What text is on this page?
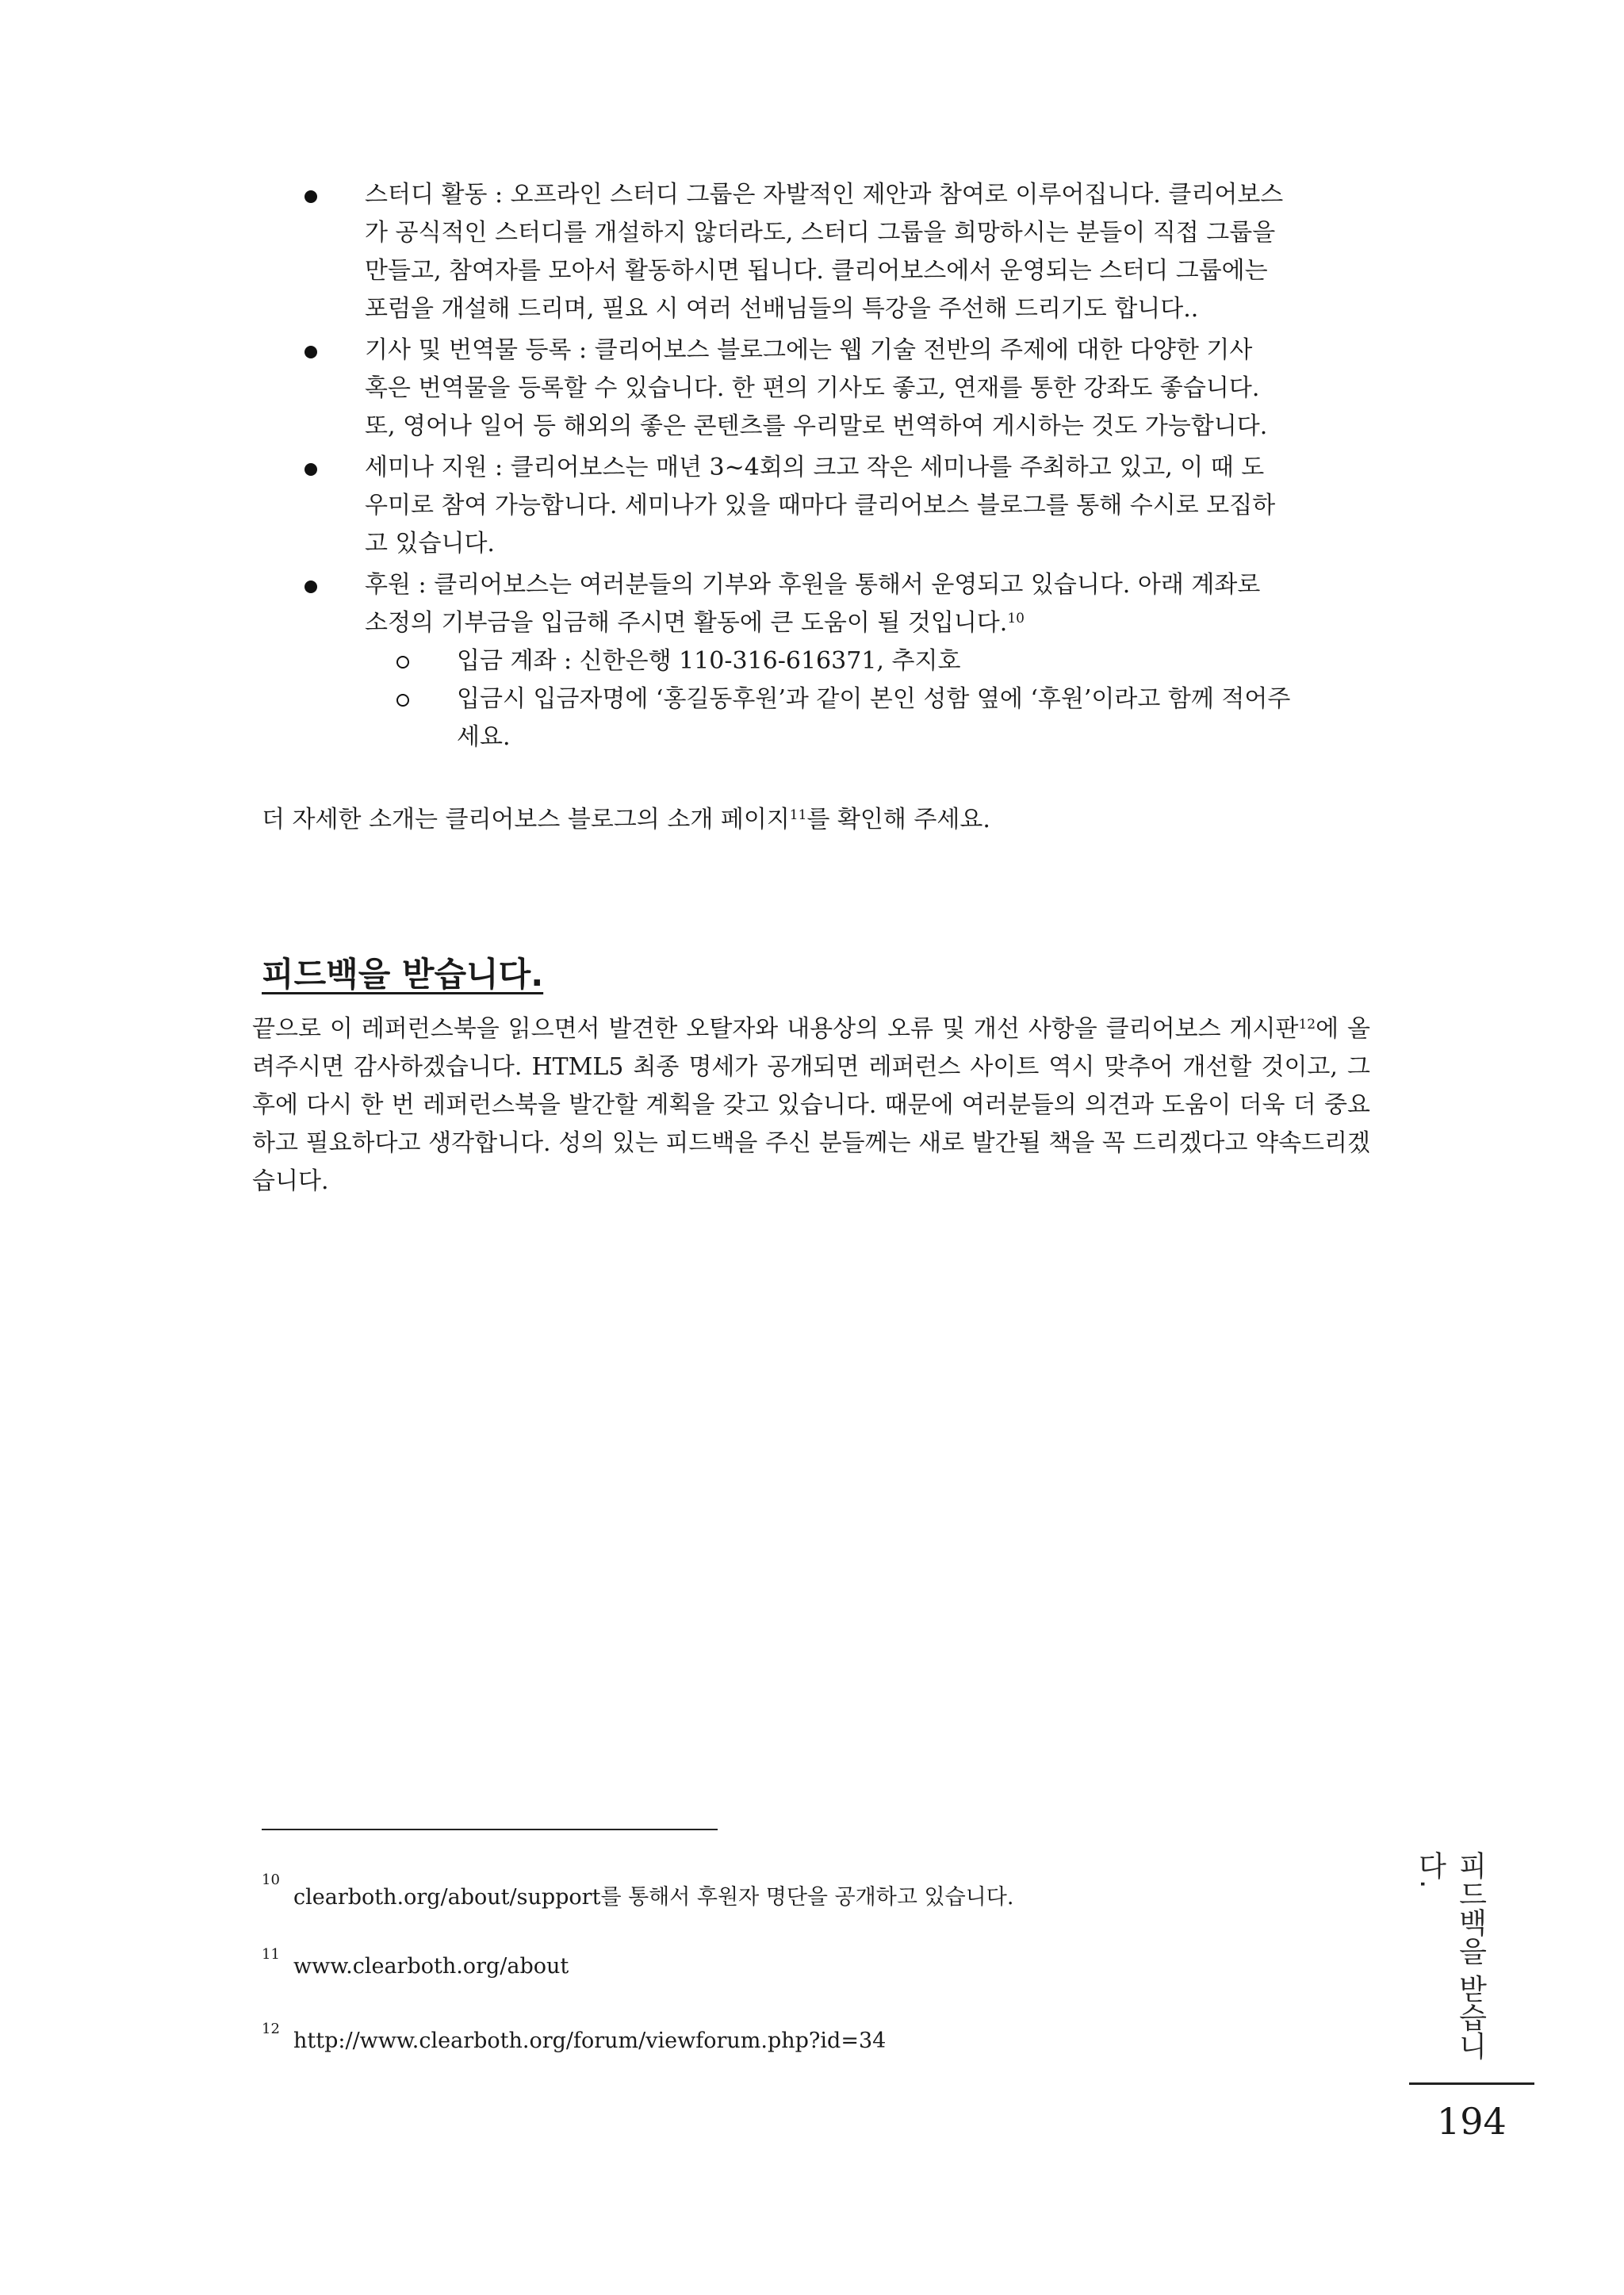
스터디 활동 : 오프라인 스터디 그룹은 자발적인 제안과 참여로 이루어집니다. 클리어보스
가 공식적인 스터디를 개설하지 않더라도, 스터디 그룹을 희망하시는 분들이 직접 그룹을
만들고, 참여자를 모아서 활동하시면 됩니다. 클리어보스에서 운영되는 스터디 그룹에는
포럼을 개설해 드리며, 필요 시 여러 선배님들의 특강을 주선해 드리기도 합니다..
기사 및 번역물 등록 : 클리어보스 블로그에는 웹 기술 전반의 주제에 대한 다양한 기사
혹은 번역물을 등록할 수 있습니다. 한 편의 기사도 좋고, 연재를 통한 강좌도 좋습니다.
또, 영어나 일어 등 해외의 좋은 콘텐츠를 우리말로 번역하여 게시하는 것도 가능합니다.
세미나 지원 : 클리어보스는 매년 3~4회의 크고 작은 세미나를 주최하고 있고, 이 때 도
우미로 참여 가능합니다. 세미나가 있을 때마다 클리어보스 블로그를 통해 수시로 모집하
고 있습니다.
후원 : 클리어보스는 여러분들의 기부와 후원을 통해서 운영되고 있습니다. 아래 계좌로
소정의 기부금을 입금해 주시면 활동에 큰 도움이 될 것입니다.$^{10}$
입금 계좌 : 신한은행 110-316-616371, 추지호
입금시 입금자명에 ‘홍길동후원’과 같이 본인 성함 옆에 ‘후원’이라고 함께 적어주
세요.
더 자세한 소개는 클리어보스 블로그의 소개 페이지$^{11}$를 확인해 주세요.
피드백을 받습니다.

끝으로 이 레퍼런스북을 읽으면서 발견한 오탈자와 내용상의 오류 및 개선 사항을 클리어보스 게시판$^{12}$에 올려주시면 감사하겠습니다. HTML5 최종 명세가 공개되면 레퍼런스 사이트 역시 맞추어 개선할 것이고, 그 후에 다시 한 번 레퍼런스북을 발간할 계획을 갖고 있습니다. 때문에 여러분들의 의견과 도움이 더욱 더 중요하고 필요하다고 생각합니다. 성의 있는 피드백을 주신 분들께는 새로 발간될 책을 꼭 드리겠다고 약속드리겠습니다.

10
clearboth.org/about/support를 통해서 후원자 명단을 공개하고 있습니다.
11 www.clearboth.org/about
12 http://www.clearboth.org/forum/viewforum.php?id=34	피드백을 받습니다.
194
